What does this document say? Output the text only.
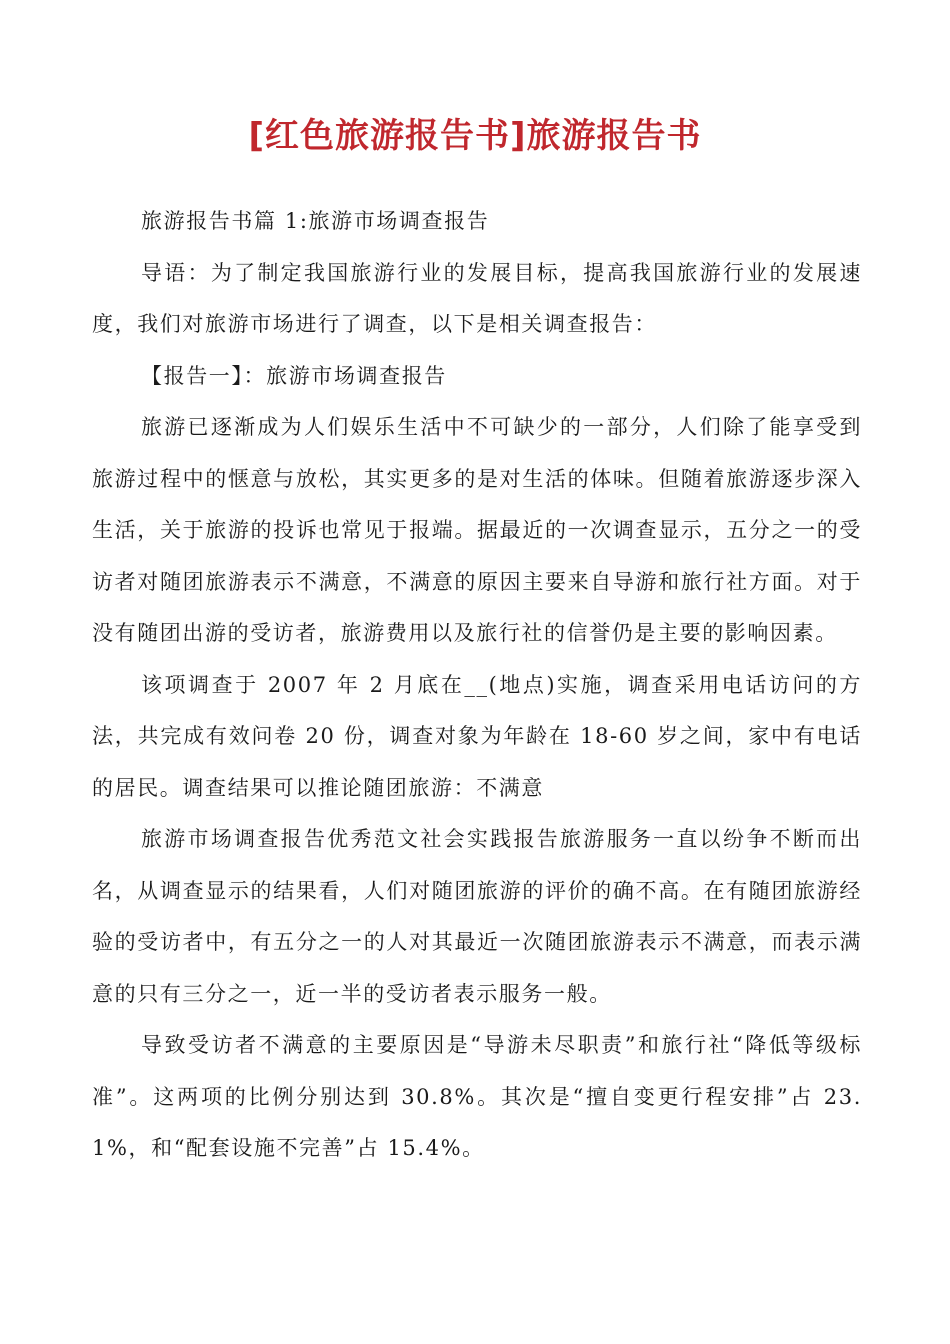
[红色旅游报告书]旅游报告书

旅游报告书篇 1:旅游市场调查报告

导语：为了制定我国旅游行业的发展目标，提高我国旅游行业的发展速度，我们对旅游市场进行了调查，以下是相关调查报告：

【报告一】：旅游市场调查报告

旅游已逐渐成为人们娱乐生活中不可缺少的一部分，人们除了能享受到旅游过程中的惬意与放松，其实更多的是对生活的体味。但随着旅游逐步深入生活，关于旅游的投诉也常见于报端。据最近的一次调查显示，五分之一的受访者对随团旅游表示不满意，不满意的原因主要来自导游和旅行社方面。对于没有随团出游的受访者，旅游费用以及旅行社的信誉仍是主要的影响因素。

该项调查于 2007 年 2 月底在__(地点)实施，调查采用电话访问的方法，共完成有效问卷 20 份，调查对象为年龄在 18-60 岁之间，家中有电话的居民。调查结果可以推论随团旅游：不满意

旅游市场调查报告优秀范文社会实践报告旅游服务一直以纷争不断而出名，从调查显示的结果看，人们对随团旅游的评价的确不高。在有随团旅游经验的受访者中，有五分之一的人对其最近一次随团旅游表示不满意，而表示满意的只有三分之一，近一半的受访者表示服务一般。

导致受访者不满意的主要原因是“导游未尽职责”和旅行社“降低等级标准”。这两项的比例分别达到 30.8%。其次是“擅自变更行程安排”占 23.1%，和“配套设施不完善”占 15.4%。
